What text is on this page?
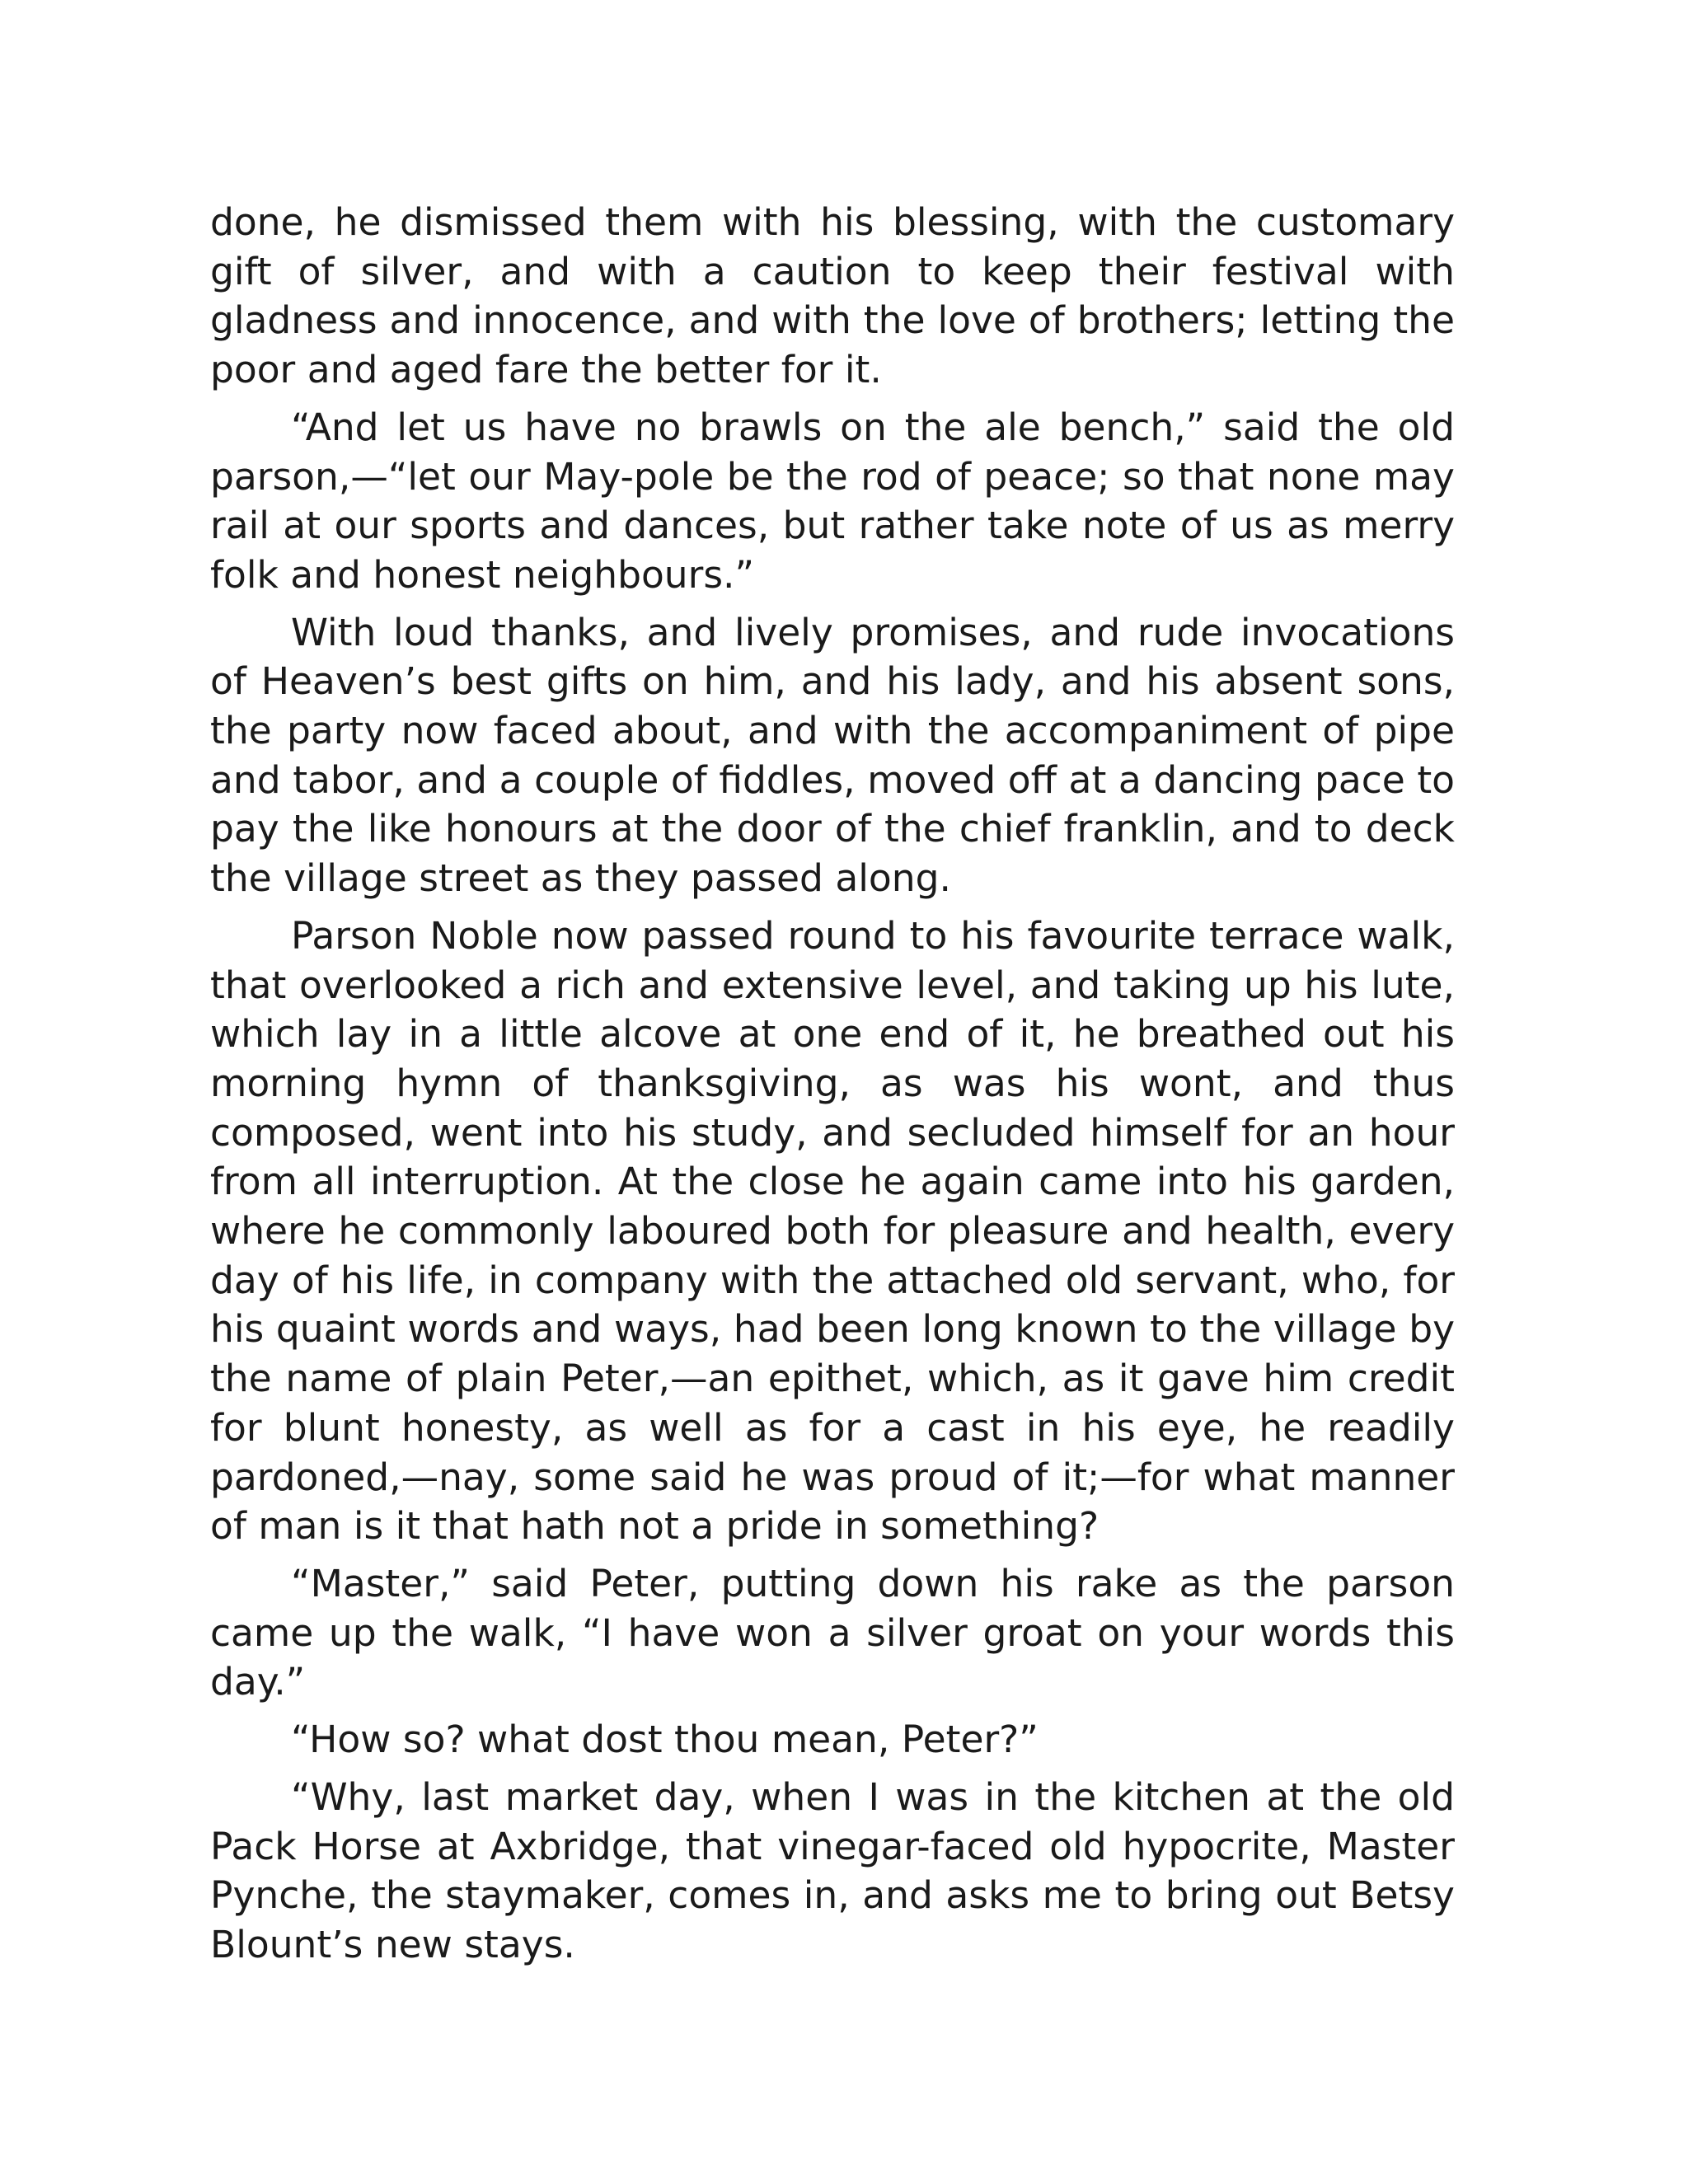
done, he dismissed them with his blessing, with the customary gift of silver, and with a caution to keep their festival with gladness and innocence, and with the love of brothers; letting the poor and aged fare the better for it.

“And let us have no brawls on the ale bench,” said the old parson,—“let our May-pole be the rod of peace; so that none may rail at our sports and dances, but rather take note of us as merry folk and honest neighbours.”

With loud thanks, and lively promises, and rude invocations of Heaven’s best gifts on him, and his lady, and his absent sons, the party now faced about, and with the accompaniment of pipe and tabor, and a couple of fiddles, moved off at a dancing pace to pay the like honours at the door of the chief franklin, and to deck the village street as they passed along.

Parson Noble now passed round to his favourite terrace walk, that overlooked a rich and extensive level, and taking up his lute, which lay in a little alcove at one end of it, he breathed out his morning hymn of thanksgiving, as was his wont, and thus composed, went into his study, and secluded himself for an hour from all interruption. At the close he again came into his garden, where he commonly laboured both for pleasure and health, every day of his life, in company with the attached old servant, who, for his quaint words and ways, had been long known to the village by the name of plain Peter,—an epithet, which, as it gave him credit for blunt honesty, as well as for a cast in his eye, he readily pardoned,—nay, some said he was proud of it;—for what manner of man is it that hath not a pride in something?

“Master,” said Peter, putting down his rake as the parson came up the walk, “I have won a silver groat on your words this day.”

“How so? what dost thou mean, Peter?”

“Why, last market day, when I was in the kitchen at the old Pack Horse at Axbridge, that vinegar-faced old hypocrite, Master Pynche, the staymaker, comes in, and asks me to bring out Betsy Blount’s new stays.
